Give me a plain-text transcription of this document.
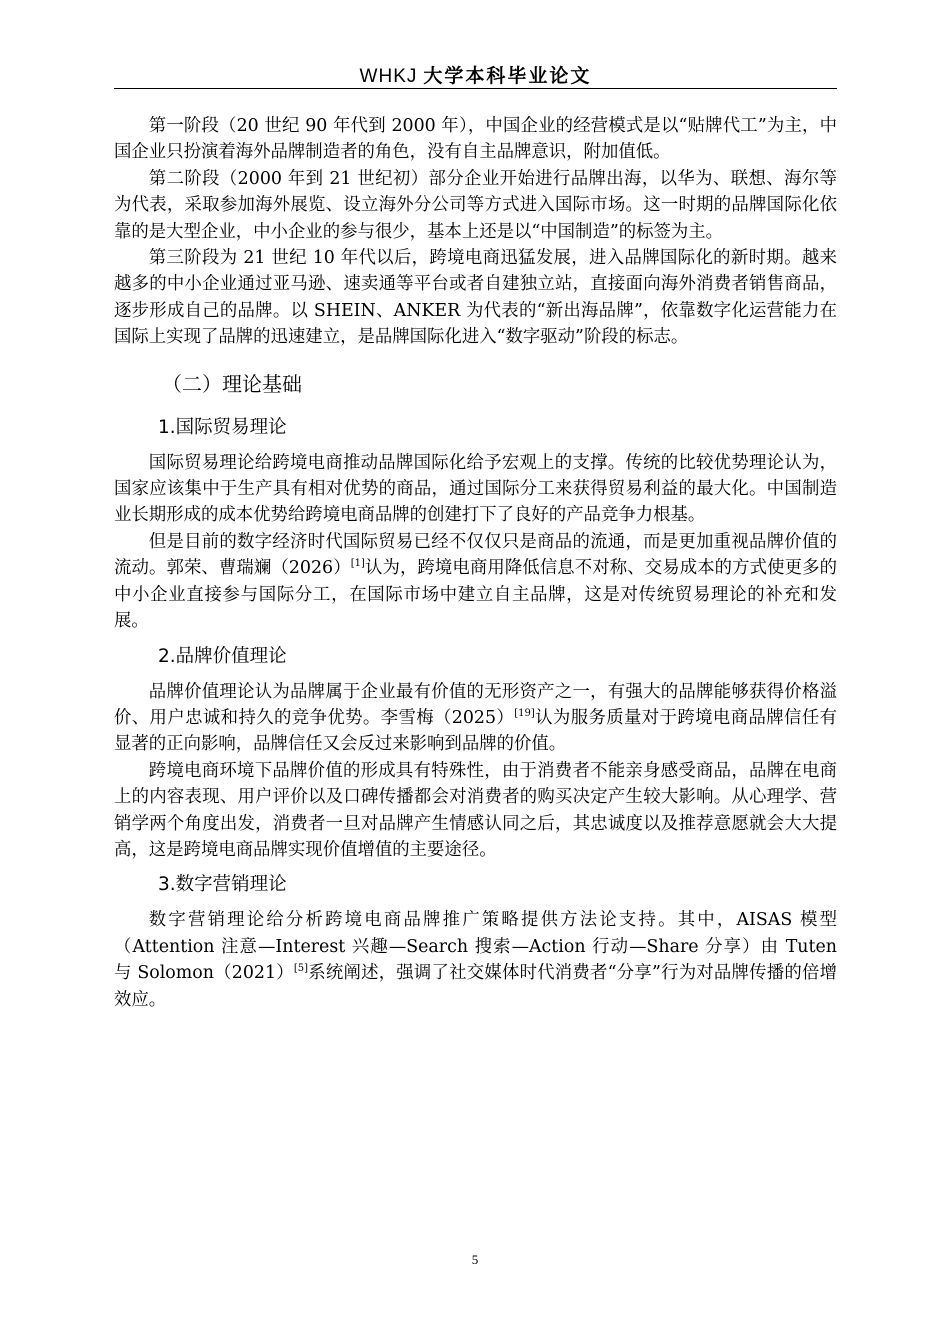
WHKJ 大学本科毕业论文

第一阶段（20 世纪 90 年代到 2000 年），中国企业的经营模式是以“贴牌代工”为主，中国企业只扮演着海外品牌制造者的角色，没有自主品牌意识，附加值低。

第二阶段（2000 年到 21 世纪初）部分企业开始进行品牌出海，以华为、联想、海尔等为代表，采取参加海外展览、设立海外分公司等方式进入国际市场。这一时期的品牌国际化依靠的是大型企业，中小企业的参与很少，基本上还是以“中国制造”的标签为主。

第三阶段为 21 世纪 10 年代以后，跨境电商迅猛发展，进入品牌国际化的新时期。越来越多的中小企业通过亚马逊、速卖通等平台或者自建独立站，直接面向海外消费者销售商品，逐步形成自己的品牌。以 SHEIN、ANKER 为代表的“新出海品牌”，依靠数字化运营能力在国际上实现了品牌的迅速建立，是品牌国际化进入“数字驱动”阶段的标志。

（二）理论基础
1.国际贸易理论

国际贸易理论给跨境电商推动品牌国际化给予宏观上的支撑。传统的比较优势理论认为，国家应该集中于生产具有相对优势的商品，通过国际分工来获得贸易利益的最大化。中国制造业长期形成的成本优势给跨境电商品牌的创建打下了良好的产品竞争力根基。

但是目前的数字经济时代国际贸易已经不仅仅只是商品的流通，而是更加重视品牌价值的流动。郭荣、曹瑞斓（2026）[1]认为，跨境电商用降低信息不对称、交易成本的方式使更多的中小企业直接参与国际分工，在国际市场中建立自主品牌，这是对传统贸易理论的补充和发展。

2.品牌价值理论

品牌价值理论认为品牌属于企业最有价值的无形资产之一，有强大的品牌能够获得价格溢价、用户忠诚和持久的竞争优势。李雪梅（2025）[19]认为服务质量对于跨境电商品牌信任有显著的正向影响，品牌信任又会反过来影响到品牌的价值。

跨境电商环境下品牌价值的形成具有特殊性，由于消费者不能亲身感受商品，品牌在电商上的内容表现、用户评价以及口碑传播都会对消费者的购买决定产生较大影响。从心理学、营销学两个角度出发，消费者一旦对品牌产生情感认同之后，其忠诚度以及推荐意愿就会大大提高，这是跨境电商品牌实现价值增值的主要途径。

3.数字营销理论

数字营销理论给分析跨境电商品牌推广策略提供方法论支持。其中，AISAS 模型（Attention 注意—Interest 兴趣—Search 搜索—Action 行动—Share 分享）由 Tuten 与 Solomon（2021）[5]系统阐述，强调了社交媒体时代消费者“分享”行为对品牌传播的倍增效应。

5
